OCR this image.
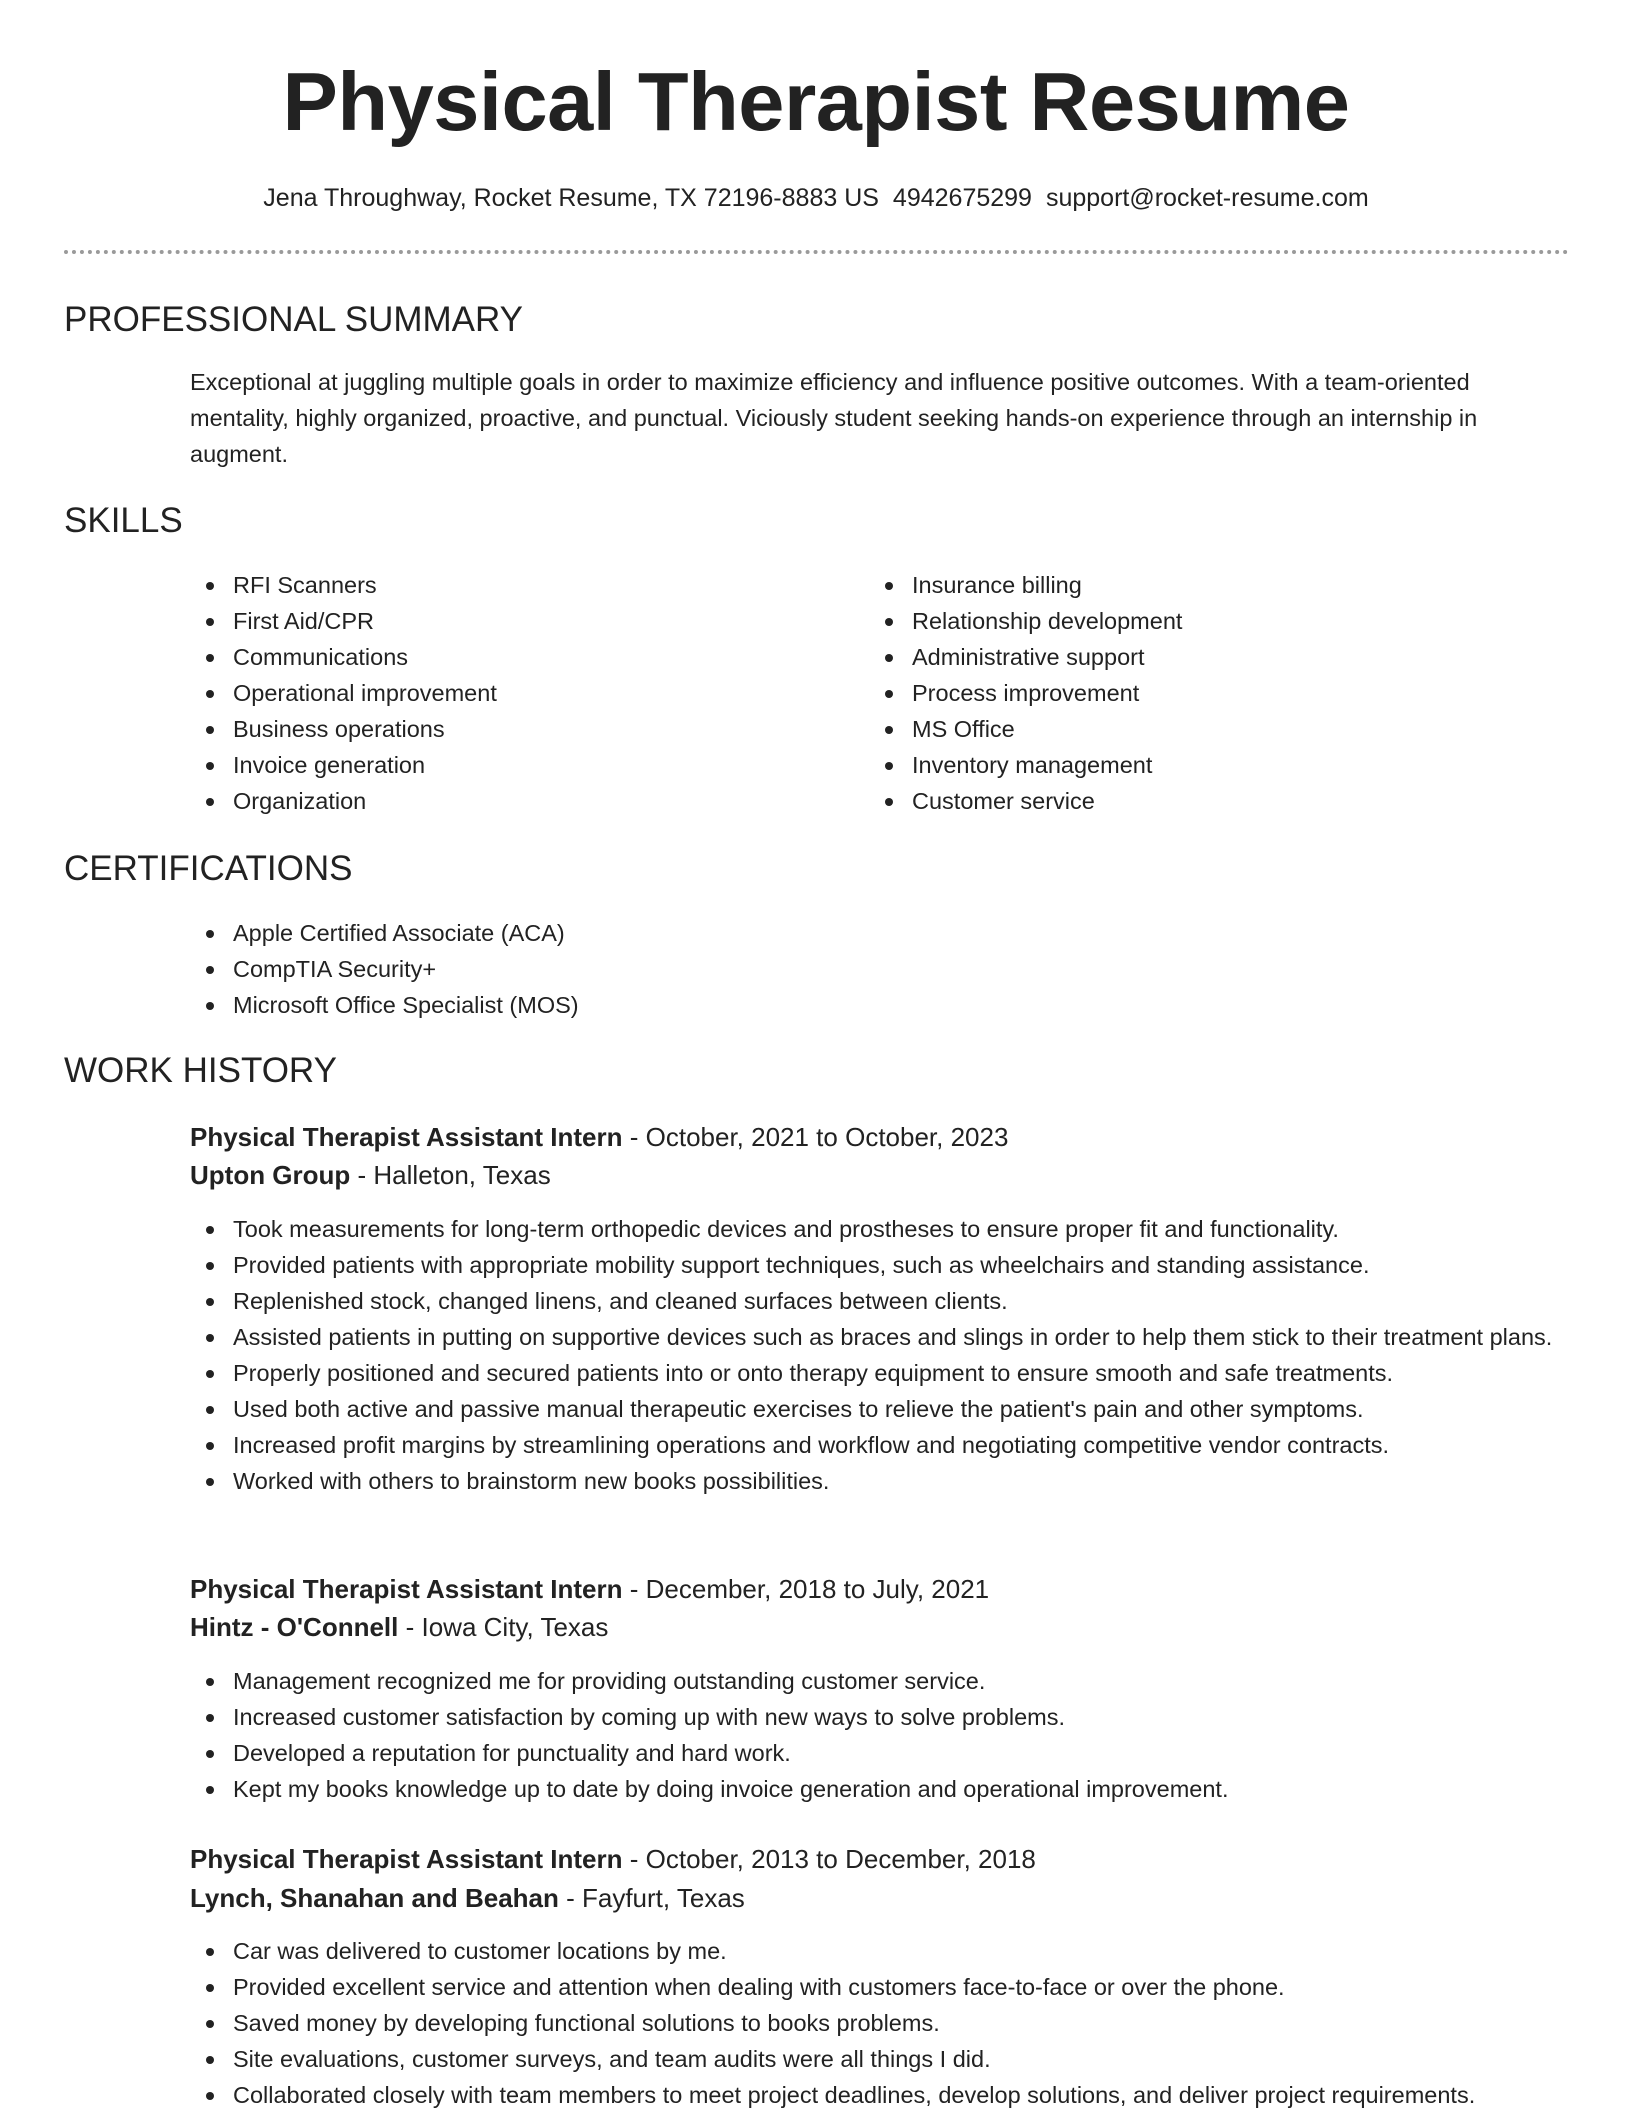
Physical Therapist Resume
Jena Throughway, Rocket Resume, TX 72196-8883 US 4942675299 support@rocket-resume.com
PROFESSIONAL SUMMARY

Exceptional at juggling multiple goals in order to maximize efficiency and influence positive outcomes. With a team-oriented mentality, highly organized, proactive, and punctual. Viciously student seeking hands-on experience through an internship in augment.

SKILLS
RFI Scanners
First Aid/CPR
Communications
Operational improvement
Business operations
Invoice generation
Organization
Insurance billing
Relationship development
Administrative support
Process improvement
MS Office
Inventory management
Customer service
CERTIFICATIONS
Apple Certified Associate (ACA)
CompTIA Security+
Microsoft Office Specialist (MOS)
WORK HISTORY

Physical Therapist Assistant Intern - October, 2021 to October, 2023

Upton Group - Halleton, Texas

Took measurements for long-term orthopedic devices and prostheses to ensure proper fit and functionality.
Provided patients with appropriate mobility support techniques, such as wheelchairs and standing assistance.
Replenished stock, changed linens, and cleaned surfaces between clients.
Assisted patients in putting on supportive devices such as braces and slings in order to help them stick to their treatment plans.
Properly positioned and secured patients into or onto therapy equipment to ensure smooth and safe treatments.
Used both active and passive manual therapeutic exercises to relieve the patient's pain and other symptoms.
Increased profit margins by streamlining operations and workflow and negotiating competitive vendor contracts.
Worked with others to brainstorm new books possibilities.

Physical Therapist Assistant Intern - December, 2018 to July, 2021

Hintz - O'Connell - Iowa City, Texas

Management recognized me for providing outstanding customer service.
Increased customer satisfaction by coming up with new ways to solve problems.
Developed a reputation for punctuality and hard work.
Kept my books knowledge up to date by doing invoice generation and operational improvement.

Physical Therapist Assistant Intern - October, 2013 to December, 2018

Lynch, Shanahan and Beahan - Fayfurt, Texas

Car was delivered to customer locations by me.
Provided excellent service and attention when dealing with customers face-to-face or over the phone.
Saved money by developing functional solutions to books problems.
Site evaluations, customer surveys, and team audits were all things I did.
Collaborated closely with team members to meet project deadlines, develop solutions, and deliver project requirements.
